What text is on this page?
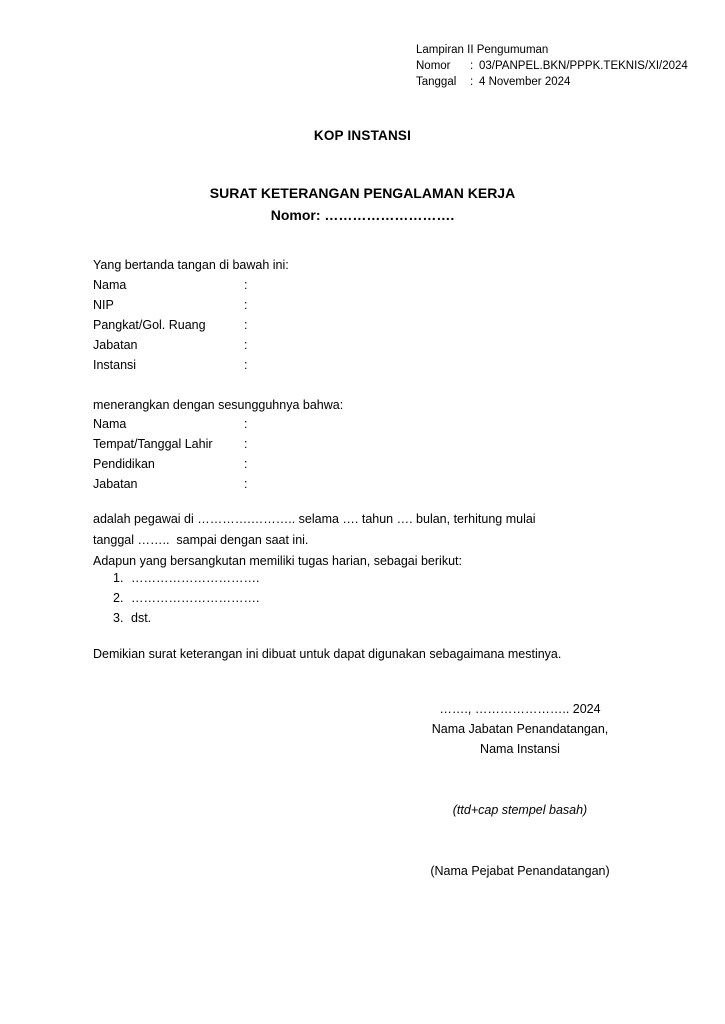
Lampiran II Pengumuman
Nomor	: 03/PANPEL.BKN/PPPK.TEKNIS/XI/2024
Tanggal	: 4 November 2024
KOP INSTANSI
SURAT KETERANGAN PENGALAMAN KERJA
Nomor: ……………………….
Yang bertanda tangan di bawah ini:
Nama	:
NIP	:
Pangkat/Gol. Ruang	:
Jabatan	:
Instansi	:
menerangkan dengan sesungguhnya bahwa:
Nama	:
Tempat/Tanggal Lahir	:
Pendidikan	:
Jabatan	:
adalah pegawai di ………….……….. selama …. tahun …. bulan, terhitung mulai
tanggal ……..  sampai dengan saat ini.
Adapun yang bersangkutan memiliki tugas harian, sebagai berikut:
1. ………………………….
2. ………………………….
3. dst.
Demikian surat keterangan ini dibuat untuk dapat digunakan sebagaimana mestinya.
……., ………………….. 2024
Nama Jabatan Penandatangan,
Nama Instansi
(ttd+cap stempel basah)
(Nama Pejabat Penandatangan)
